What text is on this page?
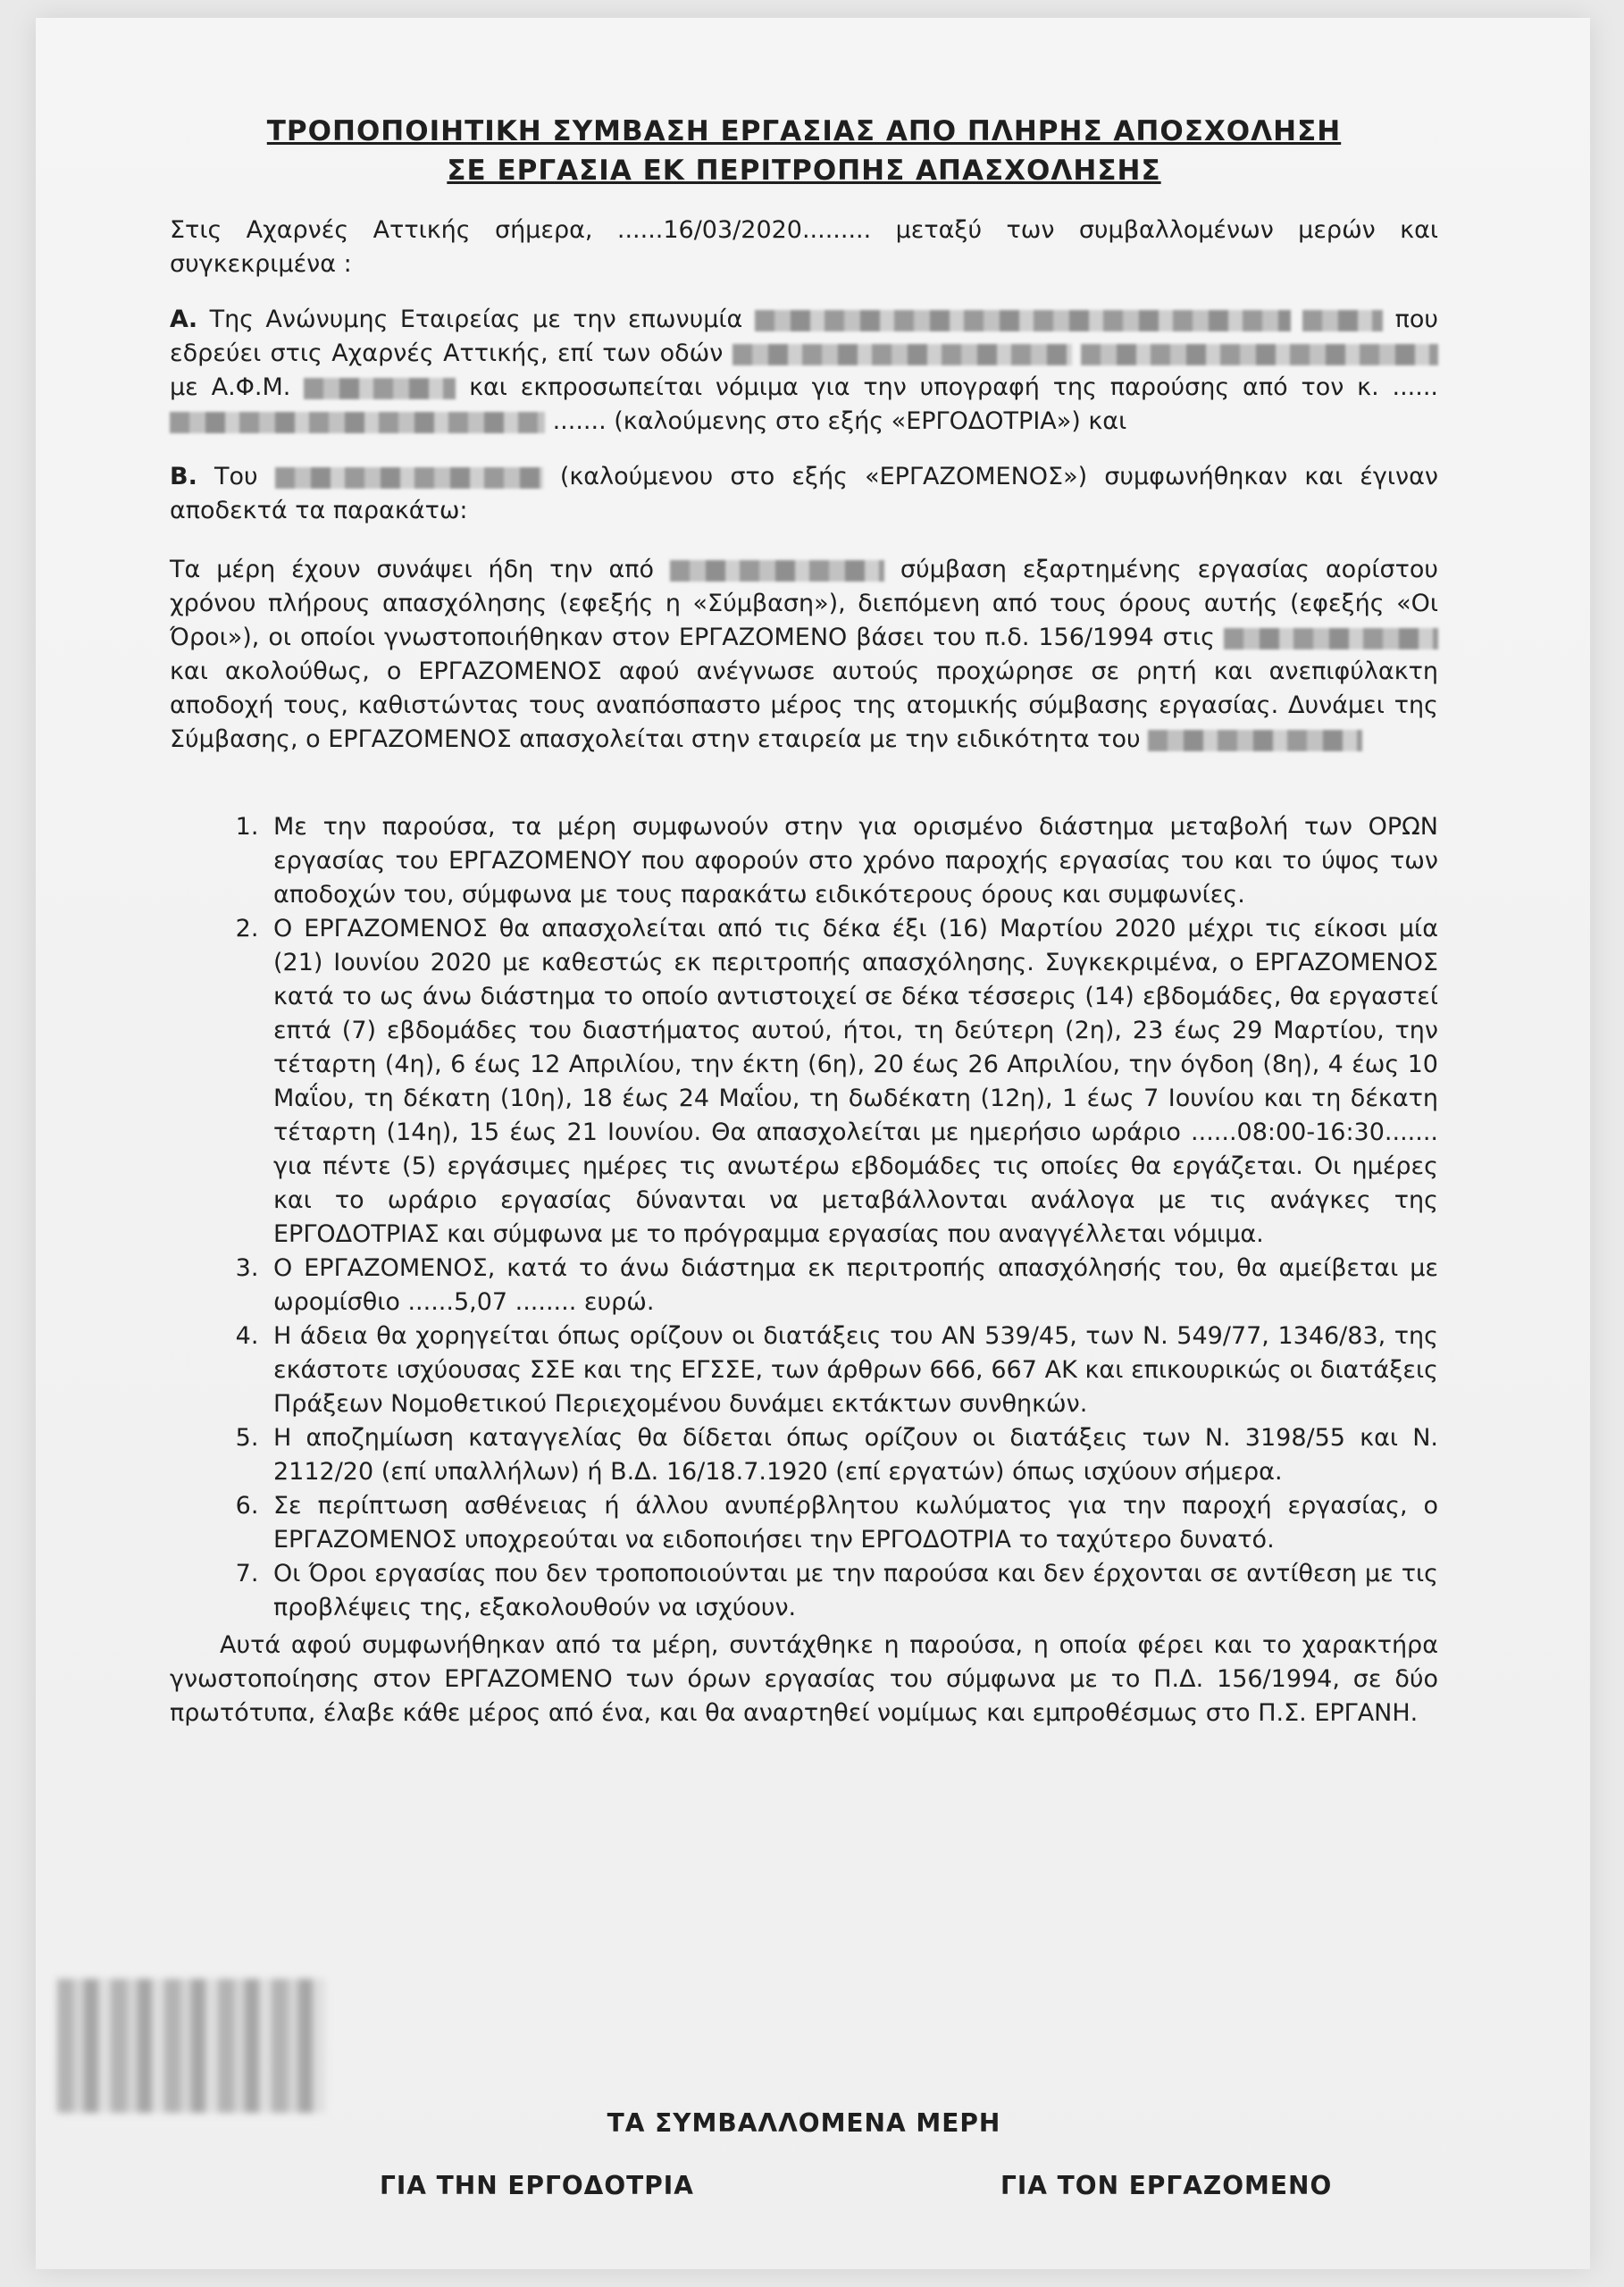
ΤΡΟΠΟΠΟΙΗΤΙΚΗ ΣΥΜΒΑΣΗ ΕΡΓΑΣΙΑΣ ΑΠΟ ΠΛΗΡΗΣ ΑΠΟΣΧΟΛΗΣΗ
ΣΕ ΕΡΓΑΣΙΑ ΕΚ ΠΕΡΙΤΡΟΠΗΣ ΑΠΑΣΧΟΛΗΣΗΣ

Στις Αχαρνές Αττικής σήμερα, ......16/03/2020......... μεταξύ των συμβαλλομένων μερών και συγκεκριμένα :

Α. Της Ανώνυμης Εταιρείας με την επωνυμία	που εδρεύει στις Αχαρνές Αττικής, επί των οδών   με Α.Φ.Μ.	και εκπροσωπείται νόμιμα για την υπογραφή της παρούσης από τον κ. ......  ....... (καλούμενης στο εξής «ΕΡΓΟΔΟΤΡΙΑ») και

Β. Του	(καλούμενου στο εξής «ΕΡΓΑΖΟΜΕΝΟΣ») συμφωνήθηκαν και έγιναν αποδεκτά τα παρακάτω:

Τα μέρη έχουν συνάψει ήδη την από	σύμβαση εξαρτημένης εργασίας αορίστου χρόνου πλήρους απασχόλησης (εφεξής η «Σύμβαση»), διεπόμενη από τους όρους αυτής (εφεξής «Οι Όροι»), οι οποίοι γνωστοποιήθηκαν στον ΕΡΓΑΖΟΜΕΝΟ βάσει του π.δ. 156/1994 στις  και ακολούθως, ο ΕΡΓΑΖΟΜΕΝΟΣ αφού ανέγνωσε αυτούς προχώρησε σε ρητή και ανεπιφύλακτη αποδοχή τους, καθιστώντας τους αναπόσπαστο μέρος της ατομικής σύμβασης εργασίας. Δυνάμει της Σύμβασης, ο ΕΡΓΑΖΟΜΕΝΟΣ απασχολείται στην εταιρεία με την ειδικότητα του

1. Με την παρούσα, τα μέρη συμφωνούν στην για ορισμένο διάστημα μεταβολή των ΟΡΩΝ εργασίας του ΕΡΓΑΖΟΜΕΝΟΥ που αφορούν στο χρόνο παροχής εργασίας του και το ύψος των αποδοχών του, σύμφωνα με τους παρακάτω ειδικότερους όρους και συμφωνίες.
2. Ο ΕΡΓΑΖΟΜΕΝΟΣ θα απασχολείται από τις δέκα έξι (16) Μαρτίου 2020 μέχρι τις είκοσι μία (21) Ιουνίου 2020 με καθεστώς εκ περιτροπής απασχόλησης. Συγκεκριμένα, ο ΕΡΓΑΖΟΜΕΝΟΣ κατά το ως άνω διάστημα το οποίο αντιστοιχεί σε δέκα τέσσερις (14) εβδομάδες, θα εργαστεί επτά (7) εβδομάδες του διαστήματος αυτού, ήτοι, τη δεύτερη (2η), 23 έως 29 Μαρτίου, την τέταρτη (4η), 6 έως 12 Απριλίου, την έκτη (6η), 20 έως 26 Απριλίου, την όγδοη (8η), 4 έως 10 Μαΐου, τη δέκατη (10η), 18 έως 24 Μαΐου, τη δωδέκατη (12η), 1 έως 7 Ιουνίου και τη δέκατη τέταρτη (14η), 15 έως 21 Ιουνίου. Θα απασχολείται με ημερήσιο ωράριο ......08:00-16:30....... για πέντε (5) εργάσιμες ημέρες τις ανωτέρω εβδομάδες τις οποίες θα εργάζεται. Οι ημέρες και το ωράριο εργασίας δύνανται να μεταβάλλονται ανάλογα με τις ανάγκες της ΕΡΓΟΔΟΤΡΙΑΣ και σύμφωνα με το πρόγραμμα εργασίας που αναγγέλλεται νόμιμα.
3. Ο ΕΡΓΑΖΟΜΕΝΟΣ, κατά το άνω διάστημα εκ περιτροπής απασχόλησής του, θα αμείβεται με ωρομίσθιο ......5,07 ........ ευρώ.
4. Η άδεια θα χορηγείται όπως ορίζουν οι διατάξεις του ΑΝ 539/45, των Ν. 549/77, 1346/83, της εκάστοτε ισχύουσας ΣΣΕ και της ΕΓΣΣΕ, των άρθρων 666, 667 ΑΚ και επικουρικώς οι διατάξεις Πράξεων Νομοθετικού Περιεχομένου δυνάμει εκτάκτων συνθηκών.
5. Η αποζημίωση καταγγελίας θα δίδεται όπως ορίζουν οι διατάξεις των Ν. 3198/55 και Ν. 2112/20 (επί υπαλλήλων) ή Β.Δ. 16/18.7.1920 (επί εργατών) όπως ισχύουν σήμερα.
6. Σε περίπτωση ασθένειας ή άλλου ανυπέρβλητου κωλύματος για την παροχή εργασίας, ο ΕΡΓΑΖΟΜΕΝΟΣ υποχρεούται να ειδοποιήσει την ΕΡΓΟΔΟΤΡΙΑ το ταχύτερο δυνατό.
7. Οι Όροι εργασίας που δεν τροποποιούνται με την παρούσα και δεν έρχονται σε αντίθεση με τις προβλέψεις της, εξακολουθούν να ισχύουν.

Αυτά αφού συμφωνήθηκαν από τα μέρη, συντάχθηκε η παρούσα, η οποία φέρει και το χαρακτήρα γνωστοποίησης στον ΕΡΓΑΖΟΜΕΝΟ των όρων εργασίας του σύμφωνα με το Π.Δ. 156/1994, σε δύο πρωτότυπα, έλαβε κάθε μέρος από ένα, και θα αναρτηθεί νομίμως και εμπροθέσμως στο Π.Σ. ΕΡΓΑΝΗ.

ΤΑ ΣΥΜΒΑΛΛΟΜΕΝΑ ΜΕΡΗ
ΓΙΑ ΤΗΝ ΕΡΓΟΔΟΤΡΙΑ	ΓΙΑ ΤΟΝ ΕΡΓΑΖΟΜΕΝΟ
